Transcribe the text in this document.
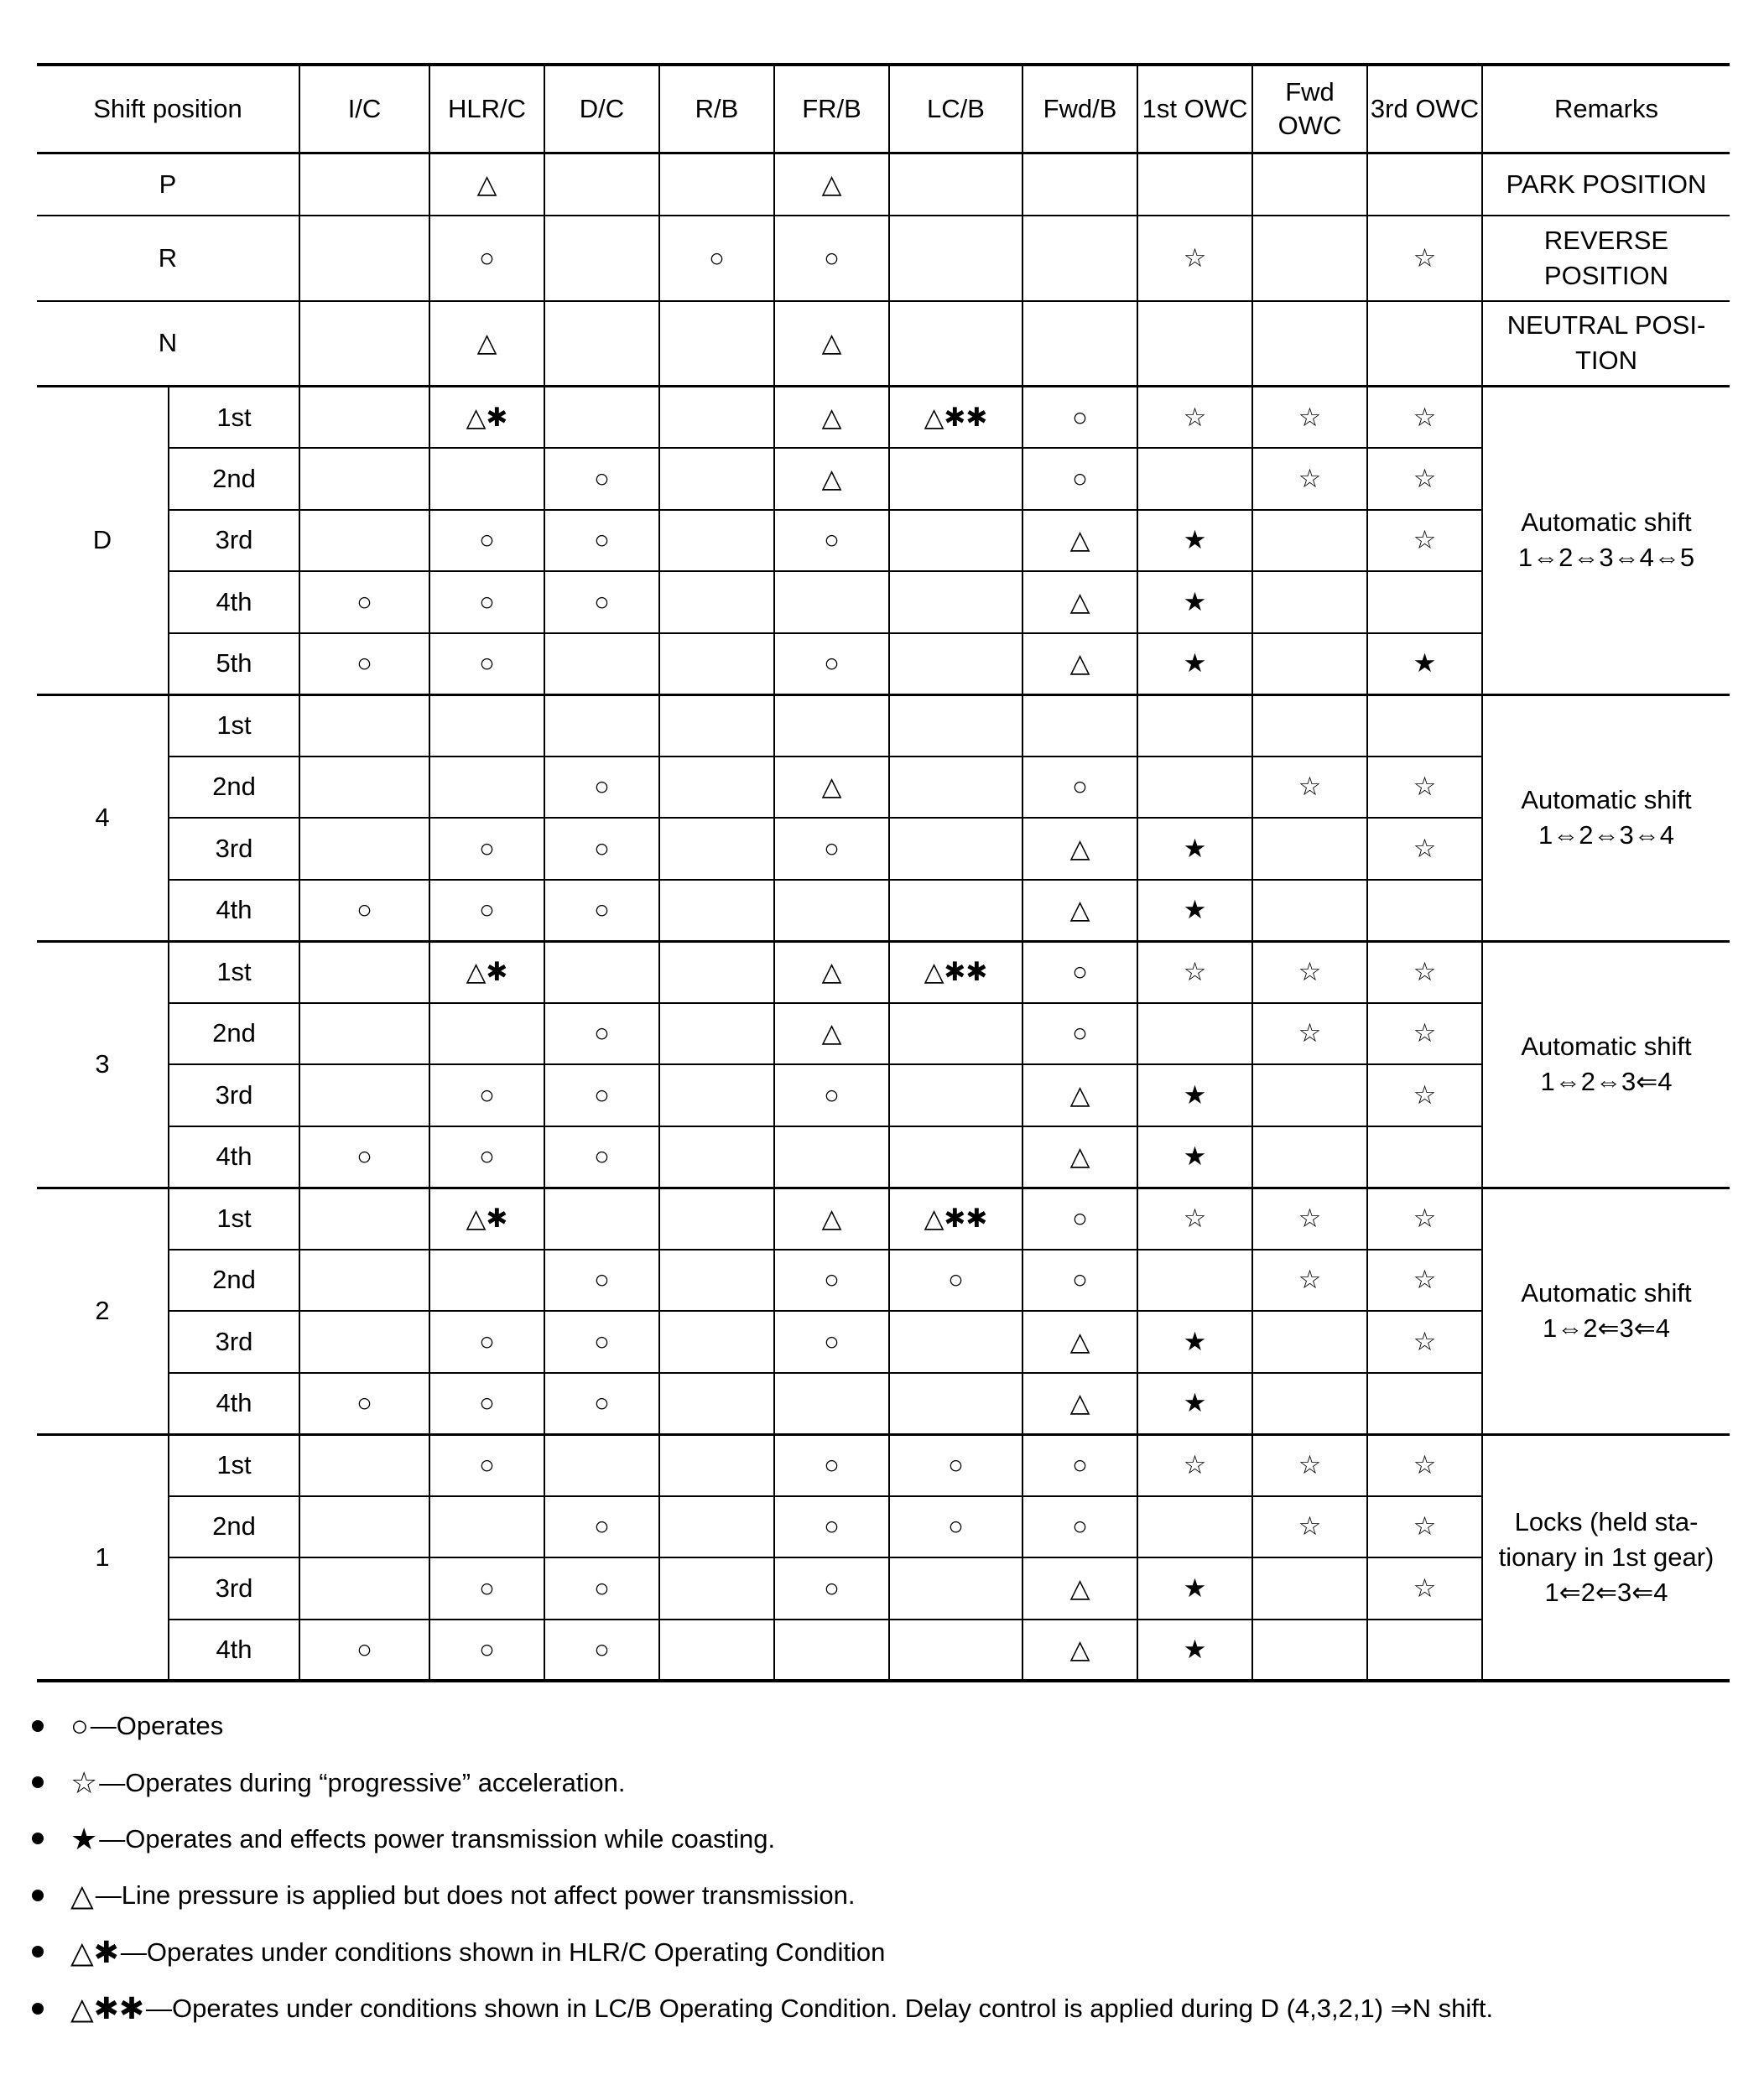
Shift position		I/C	HLR/C	D/C	R/B	FR/B	LC/B	Fwd/B	1st OWC	Fwd OWC	3rd OWC	Remarks
P			△			△						PARK POSITION
R			○		○	○			☆		☆	REVERSE POSITION
N			△			△						NEUTRAL POSI-TION
D	1st		△✱			△	△✱✱	○	☆	☆	☆	Automatic shift 1⇔2⇔3⇔4⇔5
	2nd			○		△		○		☆	☆	
	3rd		○	○		○		△	★		☆	
	4th	○	○	○				△	★			
	5th	○	○			○		△	★		★	
4	1st											Automatic shift 1⇔2⇔3⇔4
	2nd			○		△		○		☆	☆	
	3rd		○	○		○		△	★		☆	
	4th	○	○	○				△	★			
3	1st		△✱			△	△✱✱	○	☆	☆	☆	Automatic shift 1⇔2⇔3⇐4
	2nd			○		△		○		☆	☆	
	3rd		○	○		○		△	★		☆	
	4th	○	○	○				△	★			
2	1st		△✱			△	△✱✱	○	☆	☆	☆	Automatic shift 1⇔2⇐3⇐4
	2nd			○		○	○	○		☆	☆	
	3rd		○	○		○		△	★		☆	
	4th	○	○	○				△	★			
1	1st		○			○	○	○	☆	☆	☆	Locks (held sta-tionary in 1st gear) 1⇐2⇐3⇐4
	2nd			○		○	○	○		☆	☆	
	3rd		○	○		○		△	★		☆	
	4th	○	○	○				△	★			
○ —Operates
☆ —Operates during “progressive” acceleration.
★ —Operates and effects power transmission while coasting.
△ —Line pressure is applied but does not affect power transmission.
△✱ —Operates under conditions shown in HLR/C Operating Condition
△✱✱ —Operates under conditions shown in LC/B Operating Condition. Delay control is applied during D (4,3,2,1) ⇒N shift.
